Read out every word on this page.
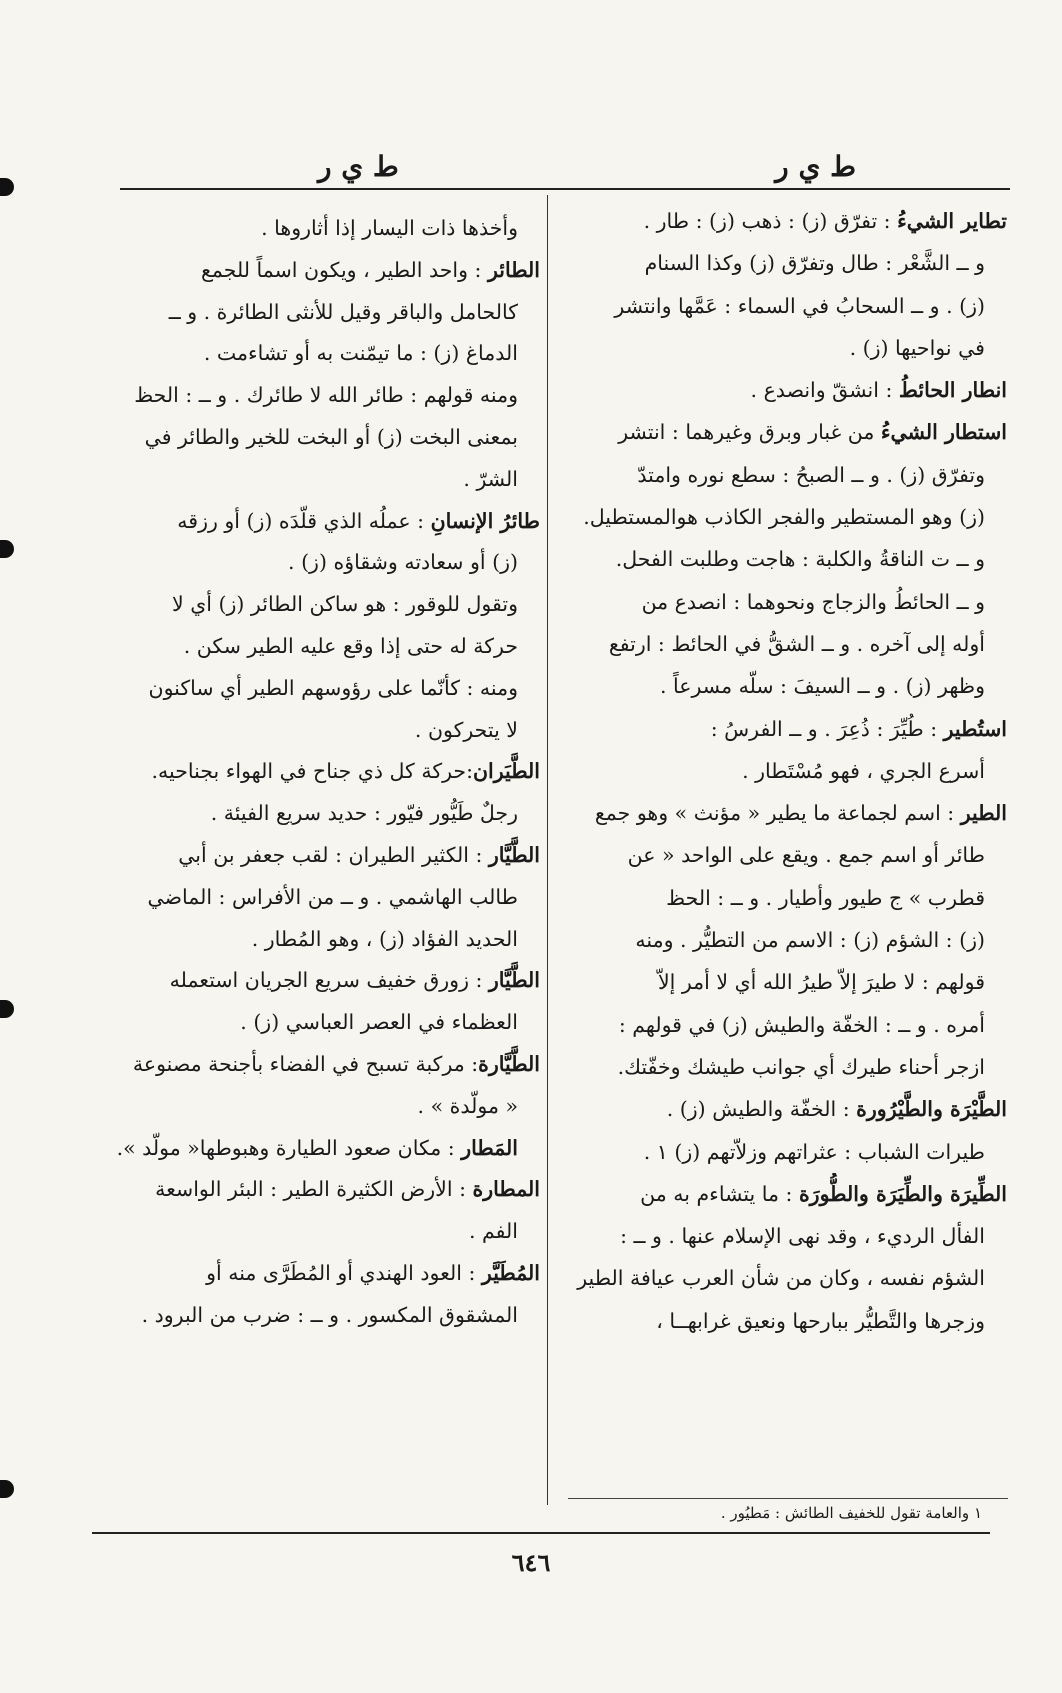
ط ي ر
ط ي ر
تطاير الشيءُ : تفرّق (ز) : ذهب (ز) : طار .
و ــ الشَّعْر : طال وتفرّق (ز) وكذا السنام
(ز) . و ــ السحابُ في السماء : عَمَّها وانتشر
في نواحيها (ز) .
انطار الحائطُ : انشقّ وانصدع .
استطار الشيءُ من غبار وبرق وغيرهما : انتشر
وتفرّق (ز) . و ــ الصبحُ : سطع نوره وامتدّ
(ز) وهو المستطير والفجر الكاذب هوالمستطيل.
و ــ ت الناقةُ والكلبة : هاجت وطلبت الفحل.
و ــ الحائطُ والزجاج ونحوهما : انصدع من
أوله إلى آخره . و ــ الشقُّ في الحائط : ارتفع
وظهر (ز) . و ــ السيفَ : سلّه مسرعاً .
استُطير : طُيِّرَ : ذُعِرَ . و ــ الفرسُ :
أسرع الجري ، فهو مُسْتَطار .
الطير : اسم لجماعة ما يطير « مؤنث » وهو جمع
طائر أو اسم جمع . ويقع على الواحد « عن
قطرب » ج طيور وأطيار . و ــ : الحظ
(ز) : الشؤم (ز) : الاسم من التطيُّر . ومنه
قولهم : لا طيرَ إلاّ طيرُ الله أي لا أمر إلاّ
أمره . و ــ : الخفّة والطيش (ز) في قولهم :
ازجر أحناء طيرك أي جوانب طيشك وخفّتك.
الطَّيْرَة والطَّيْرُورة : الخفّة والطيش (ز) .
طيرات الشباب : عثراتهم وزلاّتهم (ز) ١ .
الطِّيرَة والطِّيَرَة والطُّورَة : ما يتشاءم به من
الفأل الرديء ، وقد نهى الإسلام عنها . و ــ :
الشؤم نفسه ، وكان من شأن العرب عيافة الطير
وزجرها والتَّطيُّر ببارحها ونعيق غرابهــا ،
وأخذها ذات اليسار إذا أثاروها .
الطائر : واحد الطير ، ويكون اسماً للجمع
كالحامل والباقر وقيل للأنثى الطائرة . و ــ
الدماغ (ز) : ما تيمّنت به أو تشاءمت .
ومنه قولهم : طائر الله لا طائرك . و ــ : الحظ
بمعنى البخت (ز) أو البخت للخير والطائر في
الشرّ .
طائرُ الإنسانِ : عملُه الذي قلّدَه (ز) أو رزقه
(ز) أو سعادته وشقاؤه (ز) .
وتقول للوقور : هو ساكن الطائر (ز) أي لا
حركة له حتى إذا وقع عليه الطير سكن .
ومنه : كأنّما على رؤوسهم الطير أي ساكنون
لا يتحركون .
الطَّيَران:حركة كل ذي جناح في الهواء بجناحيه.
رجلٌ طَيُّور فيّور : حديد سريع الفيئة .
الطَّيَّار : الكثير الطيران : لقب جعفر بن أبي
طالب الهاشمي . و ــ من الأفراس : الماضي
الحديد الفؤاد (ز) ، وهو المُطار .
الطَّيَّار : زورق خفيف سريع الجريان استعمله
العظماء في العصر العباسي (ز) .
الطَّيَّارة: مركبة تسبح في الفضاء بأجنحة مصنوعة
« مولّدة » .
المَطار : مكان صعود الطيارة وهبوطها« مولّد ».
المطارة : الأرض الكثيرة الطير : البئر الواسعة
الفم .
المُطَيَّر : العود الهندي أو المُطَرَّى منه أو
المشقوق المكسور . و ــ : ضرب من البرود .
١ والعامة تقول للخفيف الطائش : مَطيُور .
٦٤٦
